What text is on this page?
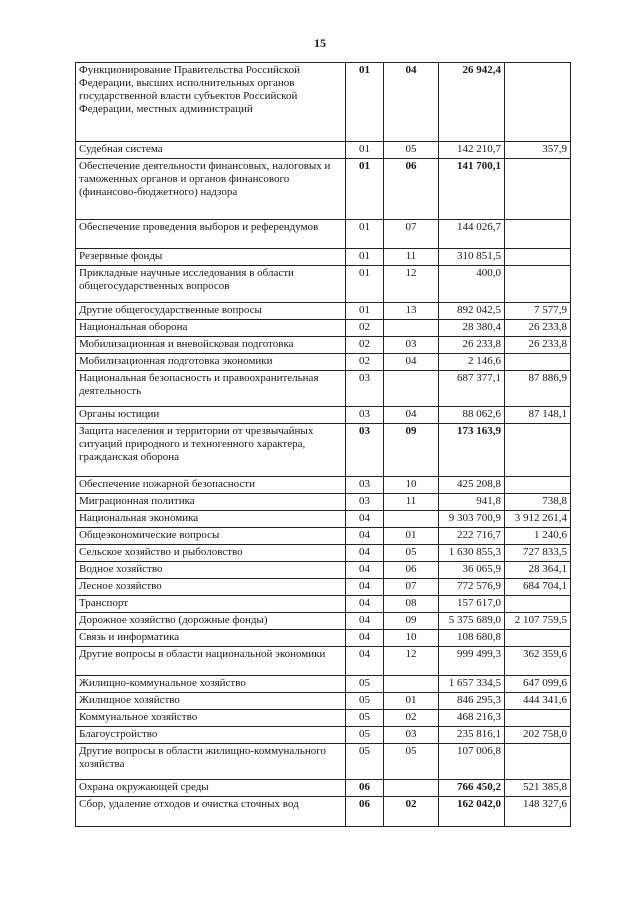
15
Функционирование Правительства Российской Федерации, высших исполнительных органов государственной власти субъектов Российской Федерации, местных администраций	01	04	26 942,4	
Судебная система	01	05	142 210,7	357,9
Обеспечение деятельности финансовых, налоговых и таможенных органов и органов финансового (финансово-бюджетного) надзора	01	06	141 700,1	
Обеспечение проведения выборов и референдумов	01	07	144 026,7	
Резервные фонды	01	11	310 851,5	
Прикладные научные исследования в области общегосударственных вопросов	01	12	400,0	
Другие общегосударственные вопросы	01	13	892 042,5	7 577,9
Национальная оборона	02		28 380,4	26 233,8
Мобилизационная и вневойсковая подготовка	02	03	26 233,8	26 233,8
Мобилизационная подготовка экономики	02	04	2 146,6	
Национальная безопасность и правоохранительная деятельность	03		687 377,1	87 886,9
Органы юстиции	03	04	88 062,6	87 148,1
Защита населения и территории от чрезвычайных ситуаций природного и техногенного характера, гражданская оборона	03	09	173 163,9	
Обеспечение пожарной безопасности	03	10	425 208,8	
Миграционная политика	03	11	941,8	738,8
Национальная экономика	04		9 303 700,9	3 912 261,4
Общеэкономические вопросы	04	01	222 716,7	1 240,6
Сельское хозяйство и рыболовство	04	05	1 630 855,3	727 833,5
Водное хозяйство	04	06	36 065,9	28 364,1
Лесное хозяйство	04	07	772 576,9	684 704,1
Транспорт	04	08	157 617,0	
Дорожное хозяйство (дорожные фонды)	04	09	5 375 689,0	2 107 759,5
Связь и информатика	04	10	108 680,8	
Другие вопросы в области национальной экономики	04	12	999 499,3	362 359,6
Жилищно-коммунальное хозяйство	05		1 657 334,5	647 099,6
Жилищное хозяйство	05	01	846 295,3	444 341,6
Коммунальное хозяйство	05	02	468 216,3	
Благоустройство	05	03	235 816,1	202 758,0
Другие вопросы в области жилищно-коммунального хозяйства	05	05	107 006,8	
Охрана окружающей среды	06		766 450,2	521 385,8
Сбор, удаление отходов и очистка сточных вод	06	02	162 042,0	148 327,6
